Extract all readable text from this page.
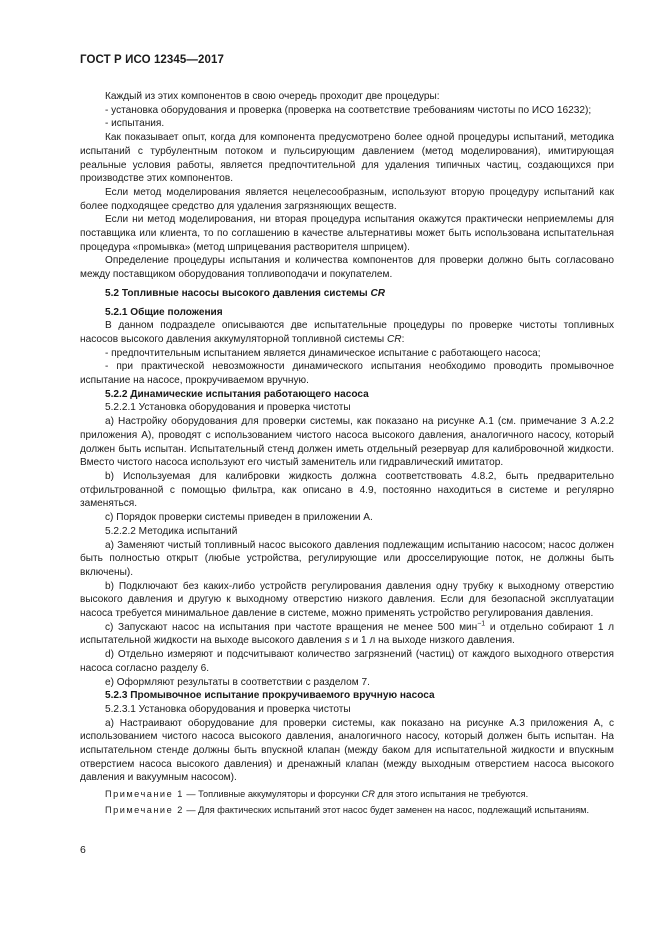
ГОСТ Р ИСО 12345—2017

Каждый из этих компонентов в свою очередь проходит две процедуры:

- установка оборудования и проверка (проверка на соответствие требованиям чистоты по ИСО 16232);

- испытания.

Как показывает опыт, когда для компонента предусмотрено более одной процедуры испытаний, методика испытаний с турбулентным потоком и пульсирующим давлением (метод моделирования), имитирующая реальные условия работы, является предпочтительной для удаления типичных частиц, создающихся при производстве этих компонентов.

Если метод моделирования является нецелесообразным, используют вторую процедуру испытаний как более подходящее средство для удаления загрязняющих веществ.

Если ни метод моделирования, ни вторая процедура испытания окажутся практически неприемлемы для поставщика или клиента, то по соглашению в качестве альтернативы может быть использована испытательная процедура «промывка» (метод шприцевания растворителя шприцем).

Определение процедуры испытания и количества компонентов для проверки должно быть согласовано между поставщиком оборудования топливоподачи и покупателем.

5.2 Топливные насосы высокого давления системы CR

5.2.1 Общие положения

В данном подразделе описываются две испытательные процедуры по проверке чистоты топливных насосов высокого давления аккумуляторной топливной системы CR:

- предпочтительным испытанием является динамическое испытание с работающего насоса;

- при практической невозможности динамического испытания необходимо проводить промывочное испытание на насосе, прокручиваемом вручную.

5.2.2 Динамические испытания работающего насоса

5.2.2.1 Установка оборудования и проверка чистоты

а) Настройку оборудования для проверки системы, как показано на рисунке А.1 (см. примечание 3 А.2.2 приложения А), проводят с использованием чистого насоса высокого давления, аналогичного насосу, который должен быть испытан. Испытательный стенд должен иметь отдельный резервуар для калибровочной жидкости. Вместо чистого насоса используют его чистый заменитель или гидравлический имитатор.

b) Используемая для калибровки жидкость должна соответствовать 4.8.2, быть предварительно отфильтрованной с помощью фильтра, как описано в 4.9, постоянно находиться в системе и регулярно заменяться.

c) Порядок проверки системы приведен в приложении А.

5.2.2.2 Методика испытаний

а) Заменяют чистый топливный насос высокого давления подлежащим испытанию насосом; насос должен быть полностью открыт (любые устройства, регулирующие или дросселирующие поток, не должны быть включены).

b) Подключают без каких-либо устройств регулирования давления одну трубку к выходному отверстию высокого давления и другую к выходному отверстию низкого давления. Если для безопасной эксплуатации насоса требуется минимальное давление в системе, можно применять устройство регулирования давления.

c) Запускают насос на испытания при частоте вращения не менее 500 мин$^{-1}$ и отдельно собирают 1 л испытательной жидкости на выходе высокого давления s и 1 л на выходе низкого давления.

d) Отдельно измеряют и подсчитывают количество загрязнений (частиц) от каждого выходного отверстия насоса согласно разделу 6.

e) Оформляют результаты в соответствии с разделом 7.

5.2.3 Промывочное испытание прокручиваемого вручную насоса

5.2.3.1 Установка оборудования и проверка чистоты

а) Настраивают оборудование для проверки системы, как показано на рисунке А.3 приложения А, с использованием чистого насоса высокого давления, аналогичного насосу, который должен быть испытан. На испытательном стенде должны быть впускной клапан (между баком для испытательной жидкости и впускным отверстием насоса высокого давления) и дренажный клапан (между выходным отверстием насоса высокого давления и вакуумным насосом).

Примечание 1 — Топливные аккумуляторы и форсунки CR для этого испытания не требуются.

Примечание 2 — Для фактических испытаний этот насос будет заменен на насос, подлежащий испытаниям.

6
